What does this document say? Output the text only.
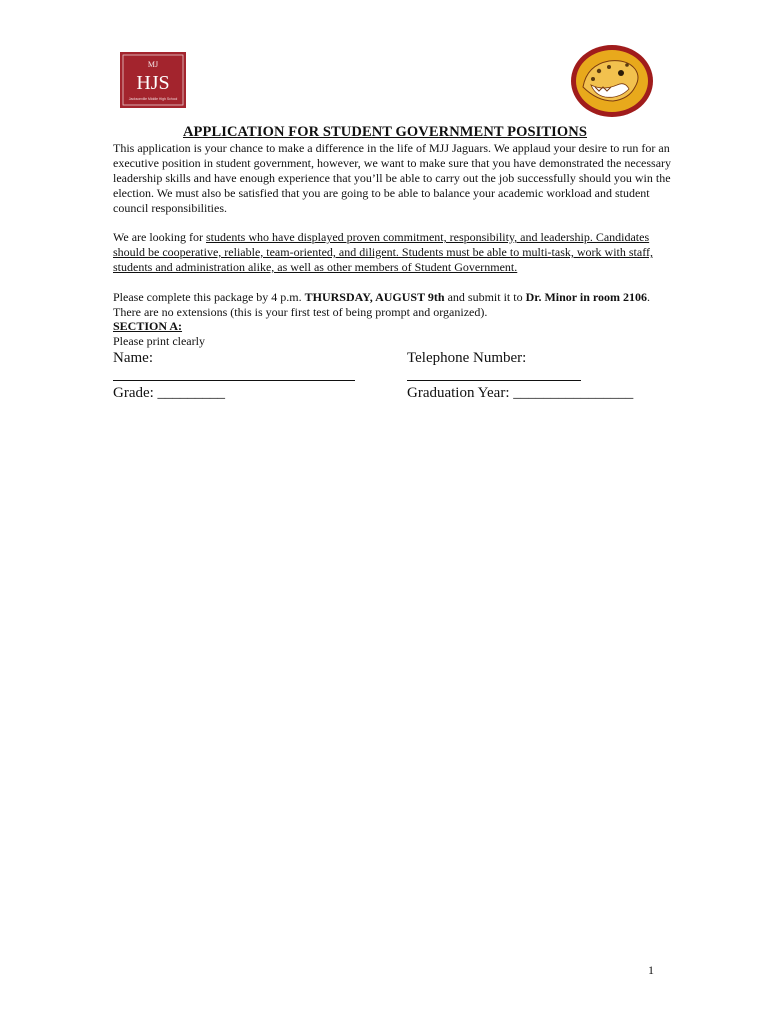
MJ
HJS
Jacksonville Middle High School
APPLICATION FOR STUDENT GOVERNMENT POSITIONS
This application is your chance to make a difference in the life of MJJ Jaguars. We applaud your desire to run for an executive position in student government, however, we want to make sure that you have demonstrated the necessary leadership skills and have enough experience that you’ll be able to carry out the job successfully should you win the election. We must also be satisfied that you are going to be able to balance your academic workload and student council responsibilities.
We are looking for students who have displayed proven commitment, responsibility, and leadership. Candidates should be cooperative, reliable, team-oriented, and diligent. Students must be able to multi-task, work with staff, students and administration alike, as well as other members of Student Government.
Please complete this package by 4 p.m. THURSDAY, AUGUST 9th and submit it to Dr. Minor in room 2106. There are no extensions (this is your first test of being prompt and organized).
SECTION A:
Please print clearly
Name:	Telephone Number:
Grade: _________	Graduation Year: ________________
1
